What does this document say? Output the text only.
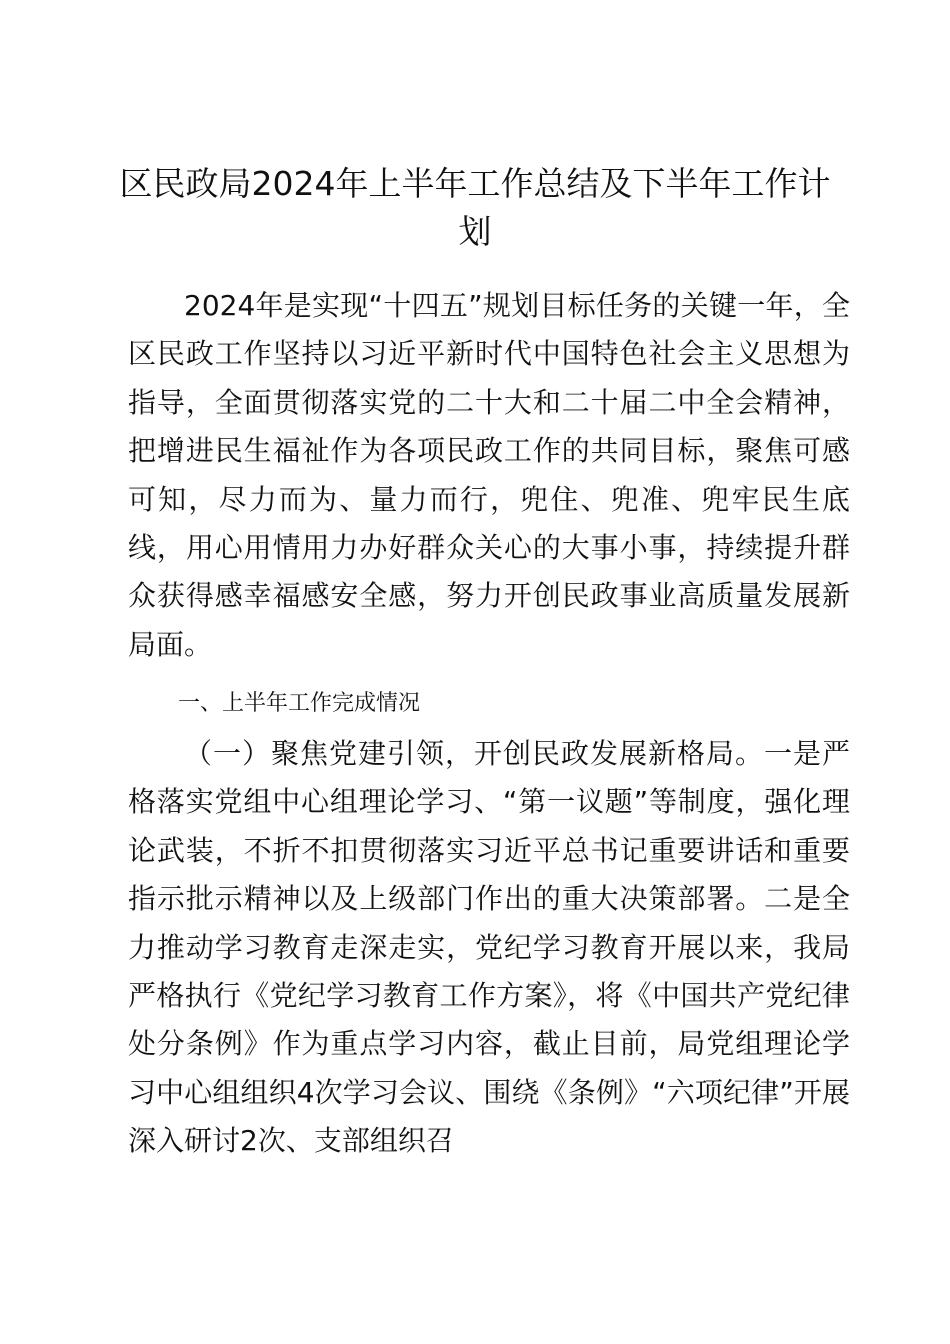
区民政局2024年上半年工作总结及下半年工作计划

2024年是实现“十四五”规划目标任务的关键一年，全区民政工作坚持以习近平新时代中国特色社会主义思想为指导，全面贯彻落实党的二十大和二十届二中全会精神，把增进民生福祉作为各项民政工作的共同目标，聚焦可感可知，尽力而为、量力而行，兜住、兜准、兜牢民生底线，用心用情用力办好群众关心的大事小事，持续提升群众获得感幸福感安全感，努力开创民政事业高质量发展新局面。

一、上半年工作完成情况

（一）聚焦党建引领，开创民政发展新格局。一是严格落实党组中心组理论学习、“第一议题”等制度，强化理论武装，不折不扣贯彻落实习近平总书记重要讲话和重要指示批示精神以及上级部门作出的重大决策部署。二是全力推动学习教育走深走实，党纪学习教育开展以来，我局严格执行《党纪学习教育工作方案》，将《中国共产党纪律处分条例》作为重点学习内容，截止目前，局党组理论学习中心组组织4次学习会议、围绕《条例》“六项纪律”开展深入研讨2次、支部组织召
